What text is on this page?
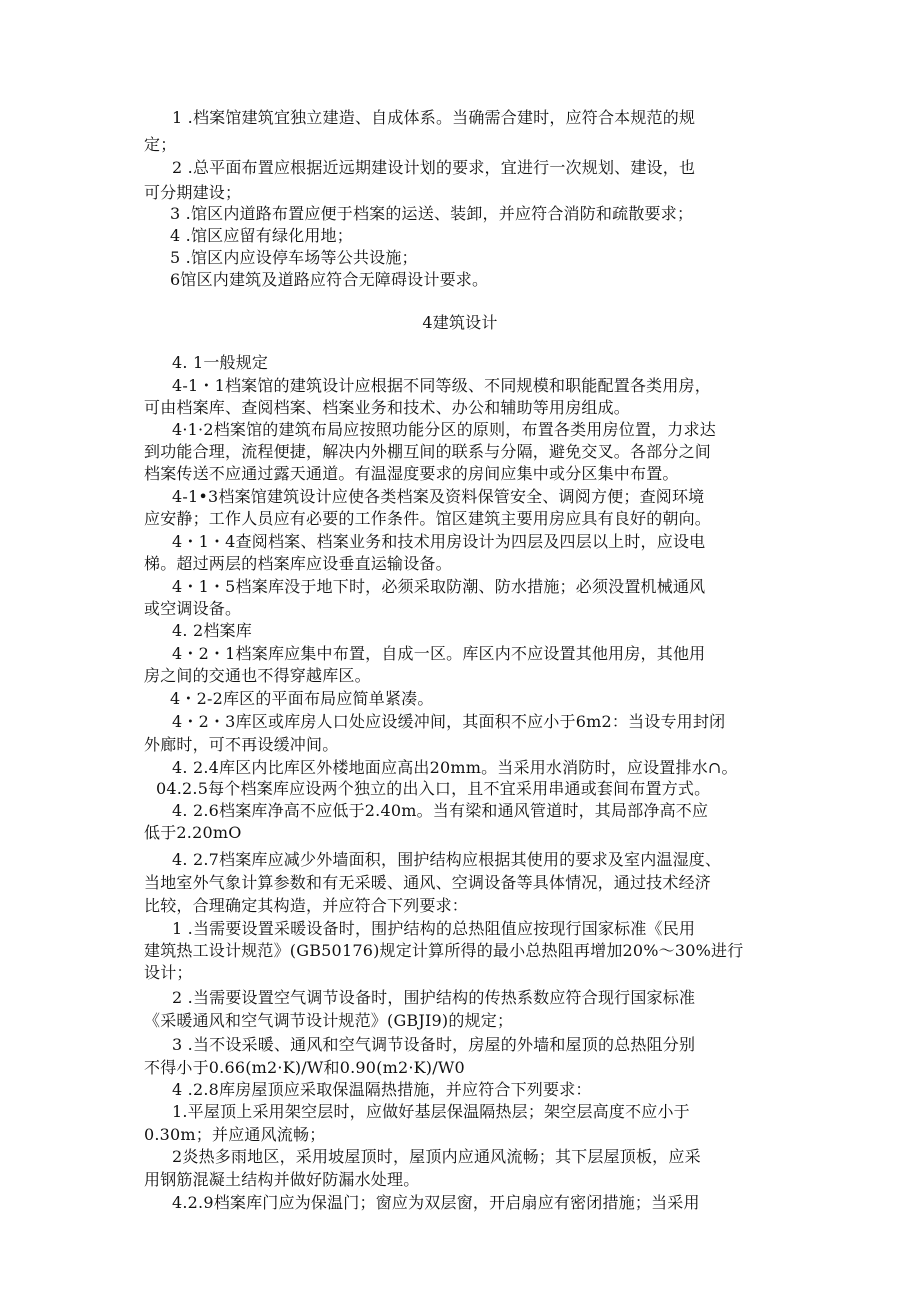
1 .档案馆建筑宜独立建造、自成体系。当确需合建时，应符合本规范的规
定；
2 .总平面布置应根据近远期建设计划的要求，宜进行一次规划、建设，也
可分期建设；
3 .馆区内道路布置应便于档案的运送、装卸，并应符合消防和疏散要求；
4 .馆区应留有绿化用地；
5 .馆区内应设停车场等公共设施；
6馆区内建筑及道路应符合无障碍设计要求。
4建筑设计
4. 1一般规定
4-1・1档案馆的建筑设计应根据不同等级、不同规模和职能配置各类用房，
可由档案库、查阅档案、档案业务和技术、办公和辅助等用房组成。
4·1·2档案馆的建筑布局应按照功能分区的原则，布置各类用房位置，力求达
到功能合理，流程便捷，解决内外棚互间的联系与分隔，避免交叉。各部分之间
档案传送不应通过露天通道。有温湿度要求的房间应集中或分区集中布置。
4-1•3档案馆建筑设计应使各类档案及资料保管安全、调阅方便；查阅环境
应安静；工作人员应有必要的工作条件。馆区建筑主要用房应具有良好的朝向。
4・1・4查阅档案、档案业务和技术用房设计为四层及四层以上时，应设电
梯。超过两层的档案库应设垂直运输设备。
4・1・5档案库没于地下时，必须采取防潮、防水措施；必须没置机械通风
或空调设备。
4. 2档案库
4・2・1档案库应集中布置，自成一区。库区内不应设置其他用房，其他用
房之间的交通也不得穿越库区。
4・2-2库区的平面布局应简单紧凑。
4・2・3库区或库房人口处应设缓冲间，其面积不应小于6m2：当设专用封闭
外廊时，可不再设缓冲间。
4. 2.4库区内比库区外楼地面应高出20mm。当采用水消防时，应设置排水∩。
04.2.5每个档案库应设两个独立的出入口，且不宜采用串通或套间布置方式。
4. 2.6档案库净高不应低于2.40m。当有梁和通风管道时，其局部净高不应
低于2.20mO
4. 2.7档案库应减少外墙面积，围护结构应根据其使用的要求及室内温湿度、
当地室外气象计算参数和有无采暖、通风、空调设备等具体情况，通过技术经济
比较，合理确定其构造，并应符合下列要求：
1 .当需要设置采暖设备时，围护结构的总热阻值应按现行国家标准《民用
建筑热工设计规范》(GB50176)规定计算所得的最小总热阻再增加20%〜30%进行
设计；
2 .当需要设置空气调节设备时，围护结构的传热系数应符合现行国家标准
《采暖通风和空气调节设计规范》(GBJI9)的规定；
3 .当不设采暖、通风和空气调节设备时，房屋的外墙和屋顶的总热阻分别
不得小于0.66(m2·K)/W和0.90(m2·K)/W0
4 .2.8库房屋顶应采取保温隔热措施，并应符合下列要求：
1.平屋顶上采用架空层时，应做好基层保温隔热层；架空层高度不应小于
0.30m；并应通风流畅；
2炎热多雨地区，采用坡屋顶时，屋顶内应通风流畅；其下层屋顶板，应采
用钢筋混凝土结构并做好防漏水处理。
4.2.9档案库门应为保温门；窗应为双层窗，开启扇应有密闭措施；当采用
